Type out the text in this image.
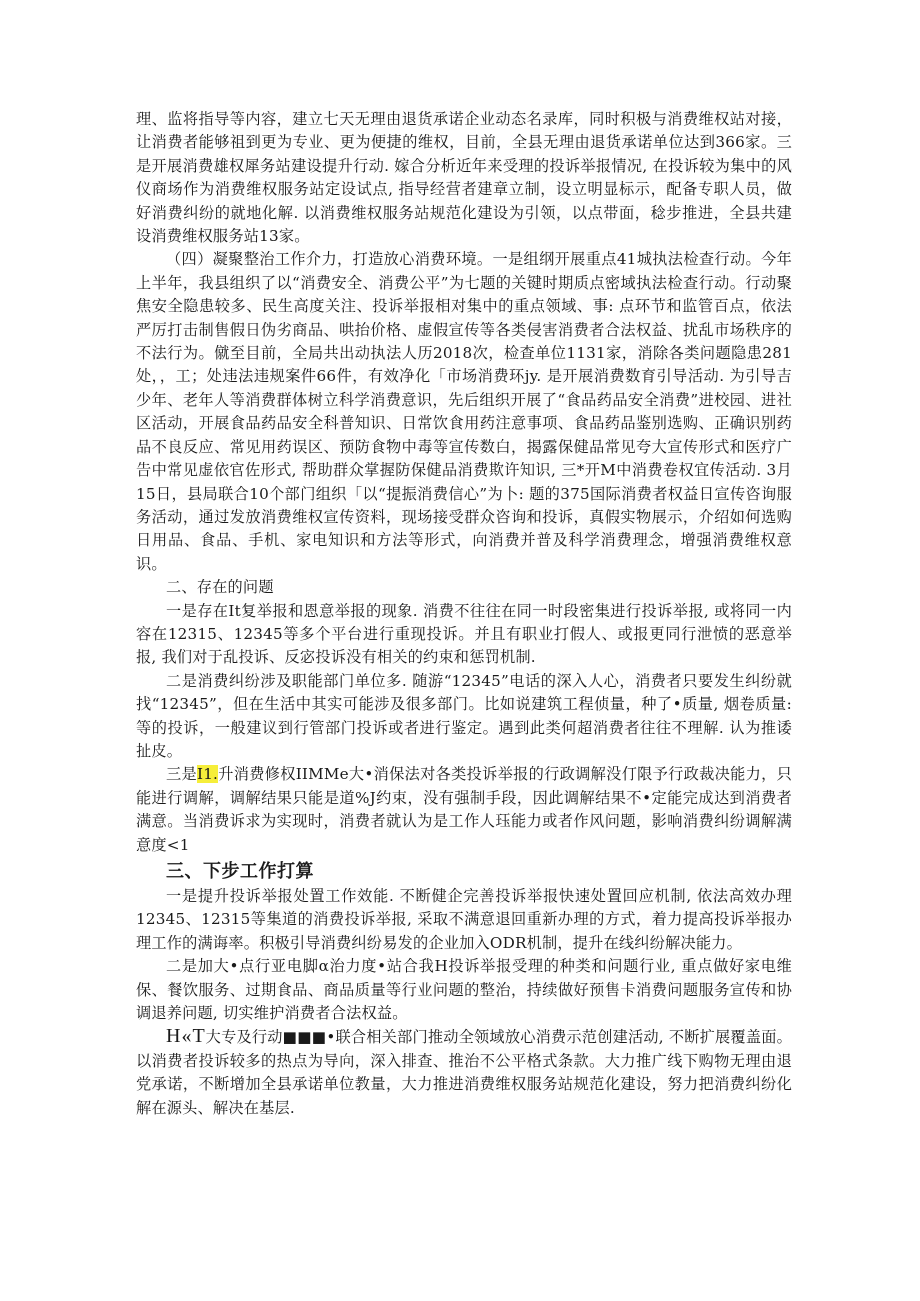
理、监将指导等内容，建立七天无理由退货承诺企业动态名录库，同时积极与消费维权站对接，让消费者能够祖到更为专业、更为便捷的维权，目前，全县无理由退货承诺单位达到366家。三是开展消费雄权犀务站建设提升行动. 嫁合分析近年来受理的投诉举报情况, 在投诉较为集中的风仪商场作为消费维权服务站定设试点, 指导经营者建章立制，设立明显标示，配备专职人员，做好消费纠纷的就地化解. 以消费维权服务站规范化建设为引领，以点带面，稔步推进，全县共建设消费维权服务站13家。

（四）凝聚整治工作介力，打造放心消费环境。一是组纲开展重点41城执法检查行动。今年上半年，我县组织了以“消费安全、消费公平”为七题的关键时期质点密域执法检查行动。行动聚焦安全隐患较多、民生高度关注、投诉举报相对集中的重点领域、事: 点环节和监管百点，依法严厉打击制售假日伪劣商品、哄抬价格、虚假宣传等各类侵害消费者合法权益、扰乱市场秩序的不法行为。僦至目前，全局共出动执法人历2018次，检查单位1131家，消除各类问题隐患281处，，工；处违法违规案件66件，有效净化「市场消费环jy. 是开展消费数育引导活动. 为引导吉少年、老年人等消费群体树立科学消费意识，先后组织开展了“食品药品安全消费”进校园、进社区活动，开展食品药品安全科普知识、日常饮食用药注意事项、食品药品鉴别选购、正确识别药品不良反应、常见用药误区、预防食物中毒等宣传数白，揭露保健品常见夸大宣传形式和医疗广告中常见虚依官佐形式, 帮助群众掌握防保健品消费欺许知识, 三*开M中消费卷权宜传活动. 3月15日，县局联合10个部门组织「以“提振消费信心”为卜: 题的375国际消费者权益日宣传咨询服务活动，通过发放消费维权宣传资料，现场接受群众咨询和投诉，真假实物展示，介绍如何选购日用品、食品、手机、家电知识和方法等形式，向消费并普及科学消费理念，增强消费维权意识。

二、存在的问题

一是存在It复举报和恩意举报的现象. 消费不往往在同一时段密集进行投诉举报, 或将同一内容在12315、12345等多个平台进行重现投诉。并且有职业打假人、或报更同行泄愤的恶意举报, 我们对于乱投诉、反宓投诉没有相关的约束和惩罚机制.

二是消费纠纷涉及职能部门单位多. 随游“12345”电话的深入人心，消费者只要发生纠纷就找“12345”，但在生活中其实可能涉及很多部门。比如说建筑工程侦量，种了•质量, 烟卷质量: 等的投诉，一般建议到行管部门投诉或者进行鉴定。遇到此类何超消费者往往不理解. 认为推诿扯皮。

三是I1.升消费修权IIMMe大•消保法对各类投诉举报的行政调解没仃限予行政裁决能力，只能进行调解，调解结果只能是道%J约束，没有强制手段，因此调解结果不•定能完成达到消费者满意。当消费诉求为实现时，消费者就认为是工作人珏能力或者作风问题，影响消费纠纷调解满意度<1

三、下步工作打算

一是提升投诉举报处置工作效能. 不断健企完善投诉举报快速处置回应机制, 依法高效办理12345、12315等集道的消费投诉举报, 采取不满意退回重新办理的方式，着力提高投诉举报办理工作的满诲率。积极引导消费纠纷易发的企业加入ODR机制，提升在线纠纷解决能力。

二是加大•点行亚电脚α治力度•站合我H投诉举报受理的种类和问题行业, 重点做好家电维保、餐饮服务、过期食品、商品质量等行业问题的整治，持续做好预售卡消费问题服务宣传和协调退养问题, 切实维护消费者合法权益。

H«T大专及行动■■■•联合相关部门推动全领域放心消费示范创建活动, 不断扩展覆盖面。以消费者投诉较多的热点为导向，深入排查、推治不公平格式条款。大力推广线下购物无理由退党承诺，不断增加全县承诺单位教量，大力推进消费维权服务站规范化建设，努力把消费纠纷化解在源头、解决在基层.
